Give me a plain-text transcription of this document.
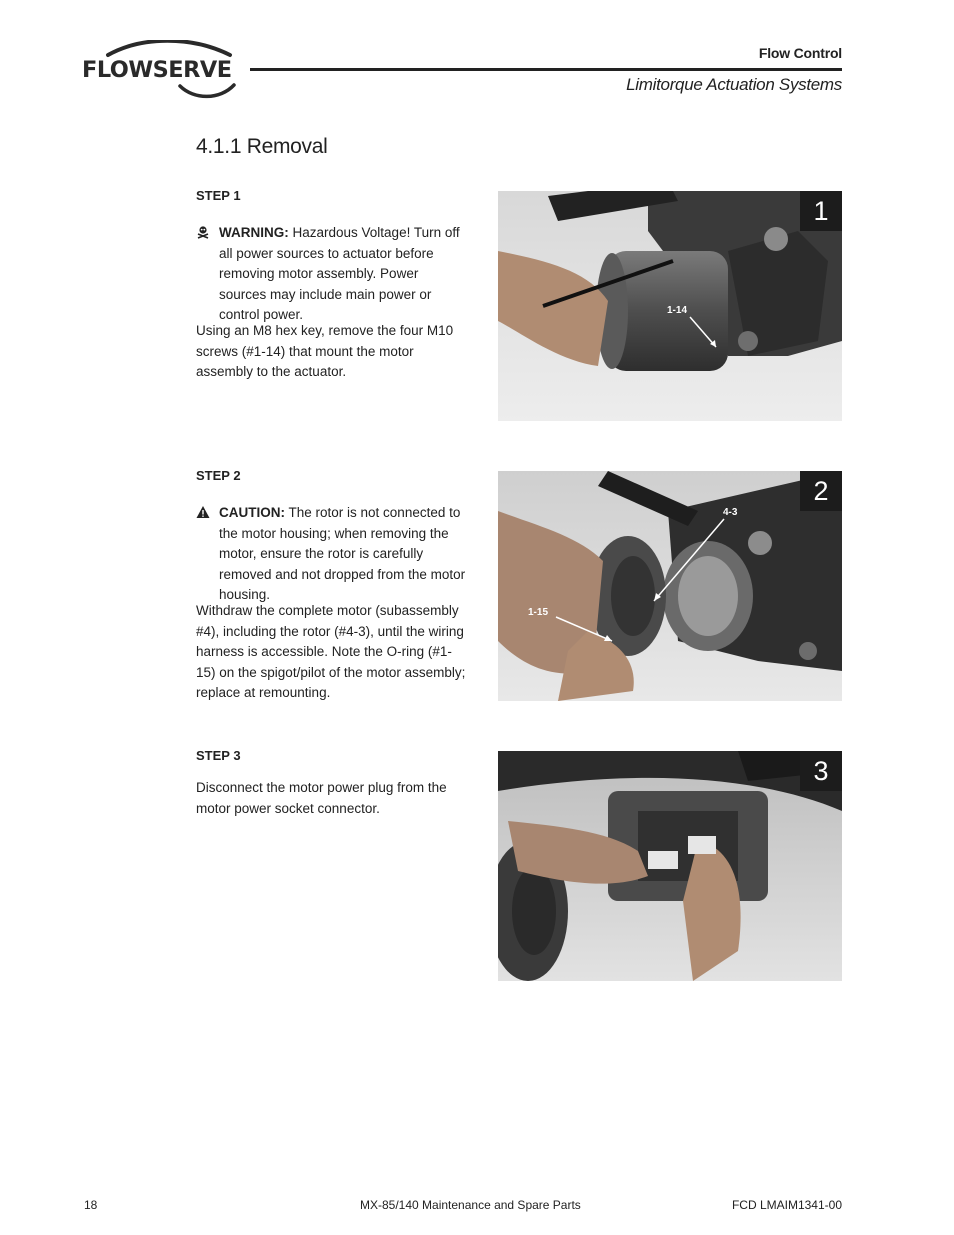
FLOWSERVE
Flow Control
Limitorque Actuation Systems
4.1.1 Removal
STEP 1
WARNING: Hazardous Voltage! Turn off all power sources to actuator before removing motor assembly. Power sources may include main power or control power.
Using an M8 hex key, remove the four M10 screws (#1-14) that mount the motor assembly to the actuator.
1
1-14
STEP 2
CAUTION: The rotor is not connected to the motor housing; when removing the motor, ensure the rotor is carefully removed and not dropped from the motor housing.
Withdraw the complete motor (subassembly #4), including the rotor (#4-3), until the wiring harness is accessible. Note the O-ring (#1-15) on the spigot/pilot of the motor assembly; replace at remounting.
2
4-3
1-15
STEP 3
Disconnect the motor power plug from the motor power socket connector.
3
18	MX-85/140 Maintenance and Spare Parts	FCD LMAIM1341-00
